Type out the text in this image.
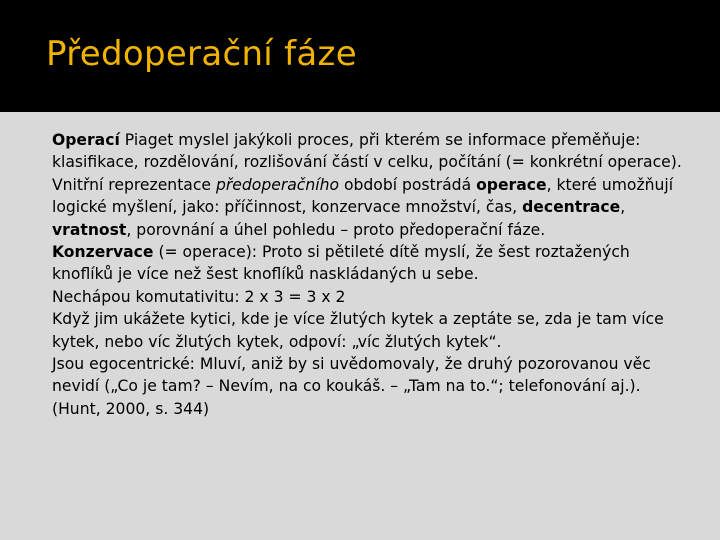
Předoperační fáze

Operací Piaget myslel jakýkoli proces, při kterém se informace přeměňuje: klasifikace, rozdělování, rozlišování částí v celku, počítání (= konkrétní operace).

Vnitřní reprezentace předoperačního období postrádá operace, které umožňují logické myšlení, jako: příčinnost, konzervace množství, čas, decentrace, vratnost, porovnání a úhel pohledu – proto předoperační fáze.

Konzervace (= operace): Proto si pětileté dítě myslí, že šest roztažených knoflíků je více než šest knoflíků naskládaných u sebe.

Nechápou komutativitu: 2 x 3 = 3 x 2

Když jim ukážete kytici, kde je více žlutých kytek a zeptáte se, zda je tam více kytek, nebo víc žlutých kytek, odpoví: „víc žlutých kytek“.

Jsou egocentrické: Mluví, aniž by si uvědomovaly, že druhý pozorovanou věc nevidí („Co je tam? – Nevím, na co koukáš. – „Tam na to.“; telefonování aj.).

(Hunt, 2000, s. 344)
